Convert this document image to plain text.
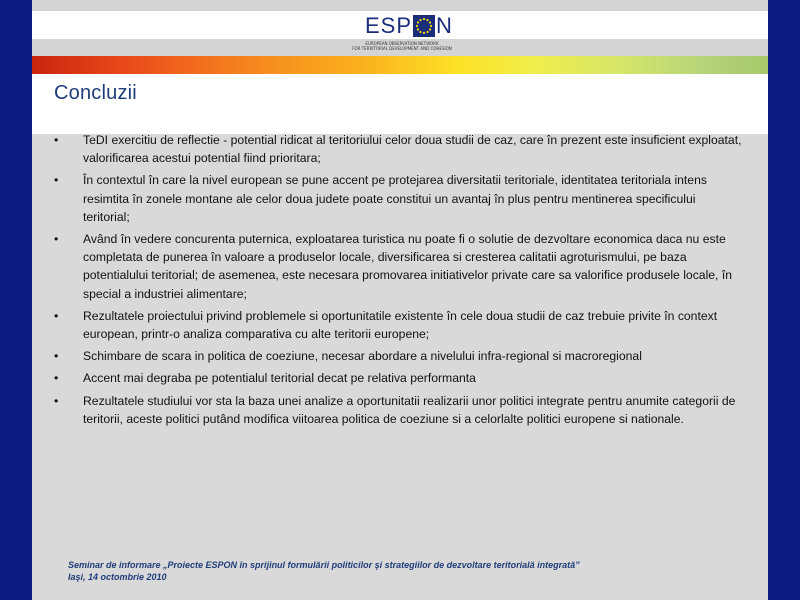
ESP N
EUROPEAN OBSERVATION NETWORK
FOR TERRITORIAL DEVELOPMENT AND COHESION
Concluzii
• TeDI exercitiu de reflectie - potential ridicat al teritoriului celor doua studii de caz, care în prezent este insuficient exploatat, valorificarea acestui potential fiind prioritara;
• În contextul în care la nivel european se pune accent pe protejarea diversitatii teritoriale, identitatea teritoriala intens resimtita în zonele montane ale celor doua judete poate constitui un avantaj în plus pentru mentinerea specificului teritorial;
• Având în vedere concurenta puternica, exploatarea turistica nu poate fi o solutie de dezvoltare economica daca nu este completata de punerea în valoare a produselor locale, diversificarea si cresterea calitatii agroturismului, pe baza potentialului teritorial; de asemenea, este necesara promovarea initiativelor private care sa valorifice produsele locale, în special a industriei alimentare;
• Rezultatele proiectului privind problemele si oportunitatile existente în cele doua studii de caz trebuie privite în context european, printr-o analiza comparativa cu alte teritorii europene;
• Schimbare de scara in politica de coeziune, necesar abordare a nivelului infra-regional si macroregional
• Accent mai degraba pe potentialul teritorial decat pe relativa performanta
• Rezultatele studiului vor sta la baza unei analize a oportunitatii realizarii unor politici integrate pentru anumite categorii de teritorii, aceste politici putând modifica viitoarea politica de coeziune si a celorlalte politici europene si nationale.
Seminar de informare „Proiecte ESPON în sprijinul formulării politicilor şi strategiilor de dezvoltare teritorială integrată”
Iaşi, 14 octombrie 2010
